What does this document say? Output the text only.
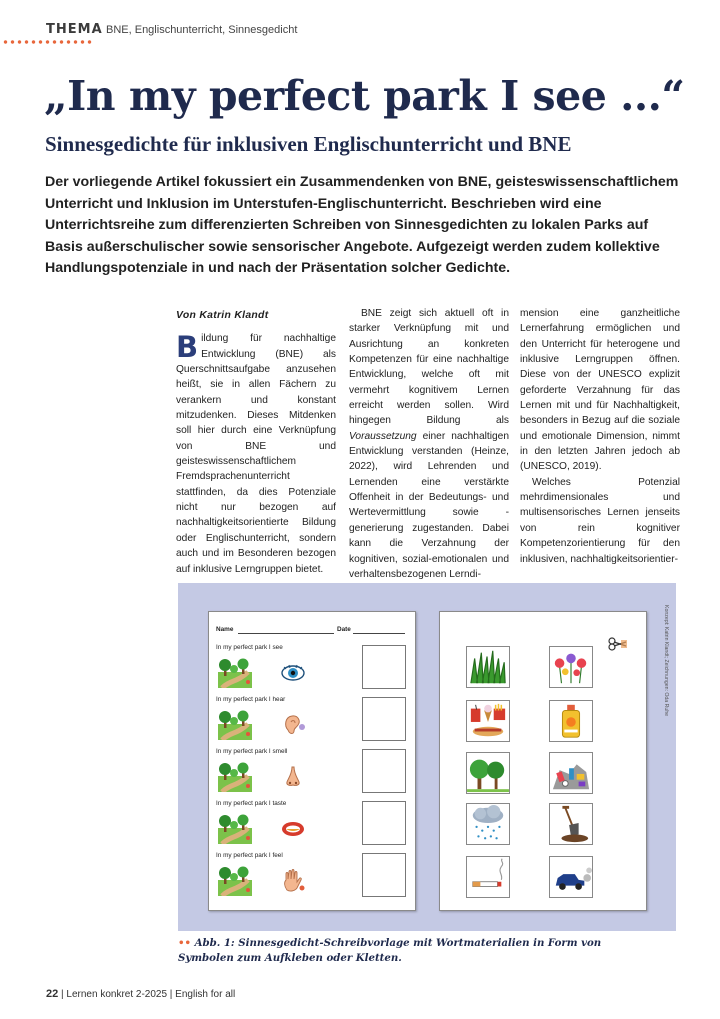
THEMA BNE, Englischunterricht, Sinnesgedicht
„In my perfect park I see ...“
Sinnesgedichte für inklusiven Englischunterricht und BNE

Der vorliegende Artikel fokussiert ein Zusammendenken von BNE, geisteswissenschaftlichem Unterricht und Inklusion im Unterstufen-Englischunterricht. Beschrieben wird eine Unterrichtsreihe zum differenzierten Schreiben von Sinnesgedichten zu lokalen Parks auf Basis außerschulischer sowie sensorischer Angebote. Aufgezeigt werden zudem kollektive Handlungspotenziale in und nach der Präsentation solcher Gedichte.

Von Katrin Klandt

Bildung für nachhaltige Entwicklung (BNE) als Querschnittsaufgabe anzusehen heißt, sie in allen Fächern zu verankern und konstant mitzudenken. Dieses Mitdenken soll hier durch eine Verknüpfung von BNE und geisteswissenschaftlichem Fremdsprachenunterricht stattfinden, da dies Potenziale nicht nur bezogen auf nachhaltigkeitsorientierte Bildung oder Englischunterricht, sondern auch und im Besonderen bezogen auf inklusive Lerngruppen bietet.

BNE zeigt sich aktuell oft in starker Verknüpfung mit und Ausrichtung an konkreten Kompetenzen für eine nachhaltige Entwicklung, welche oft mit vermehrt kognitivem Lernen erreicht werden sollen. Wird hingegen Bildung als Voraussetzung einer nachhaltigen Entwicklung verstanden (Heinze, 2022), wird Lehrenden und Lernenden eine verstärkte Offenheit in der Bedeutungs- und Wertevermittlung sowie -generierung zugestanden. Dabei kann die Verzahnung der kognitiven, sozial-emotionalen und verhaltensbezogenen Lerndi-

mension eine ganzheitliche Lernerfahrung ermöglichen und den Unterricht für heterogene und inklusive Lerngruppen öffnen. Diese von der UNESCO explizit geforderte Verzahnung für das Lernen mit und für Nachhaltigkeit, besonders in Bezug auf die soziale und emotionale Dimension, nimmt in den letzten Jahren jedoch ab (UNESCO, 2019).

Welches Potenzial mehrdimensionales und multisensorisches Lernen jenseits von rein kognitiver Kompetenzorientierung für den inklusiven, nachhaltigkeitsorientier-

Konzept: Katrin Klandt; Zeichnungen: Oda Ruhe
Name	Date
In my perfect park I see
In my perfect park I hear
In my perfect park I smell
In my perfect park I taste
In my perfect park I feel

•• Abb. 1: Sinnesgedicht-Schreibvorlage mit Wortmaterialien in Form von Symbolen zum Aufkleben oder Kletten.

22 | Lernen konkret 2-2025 | English for all
